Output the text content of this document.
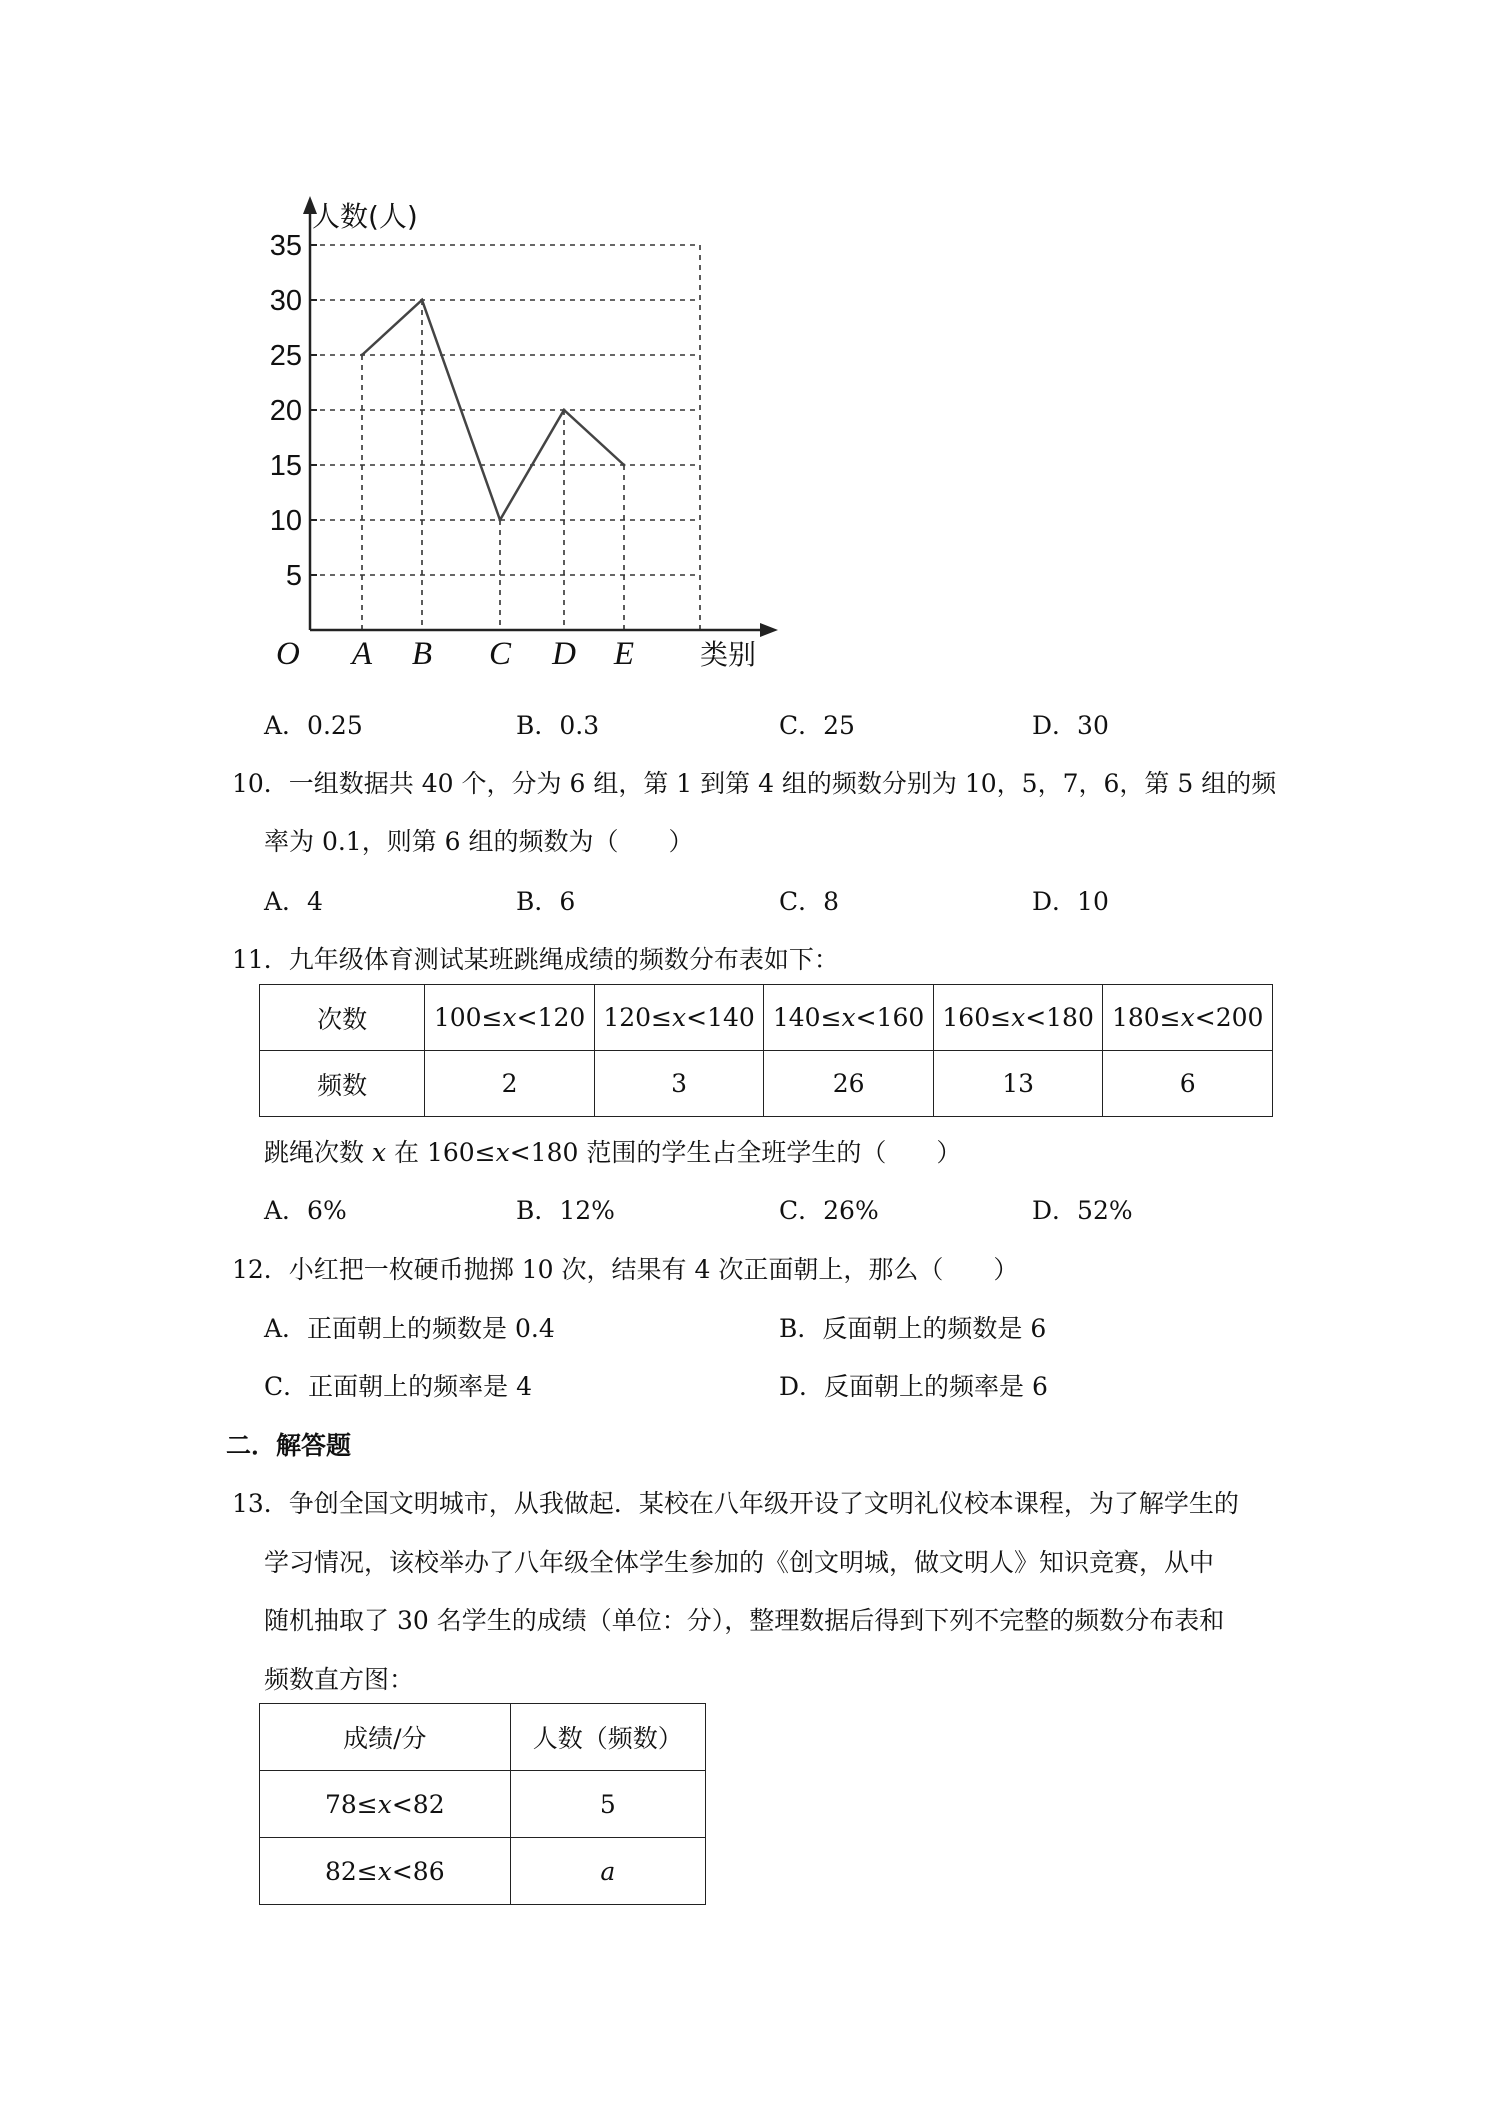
5
10
15
20
25
30
35
A B C D E
人数(人)
类别
O
A．0.25	B．0.3	C．25	D．30
10．一组数据共 40 个，分为 6 组，第 1 到第 4 组的频数分别为 10，5，7，6，第 5 组的频
率为 0.1，则第 6 组的频数为（　　）
A．4	B．6	C．8	D．10
11．九年级体育测试某班跳绳成绩的频数分布表如下：
次数	100≤x<120	120≤x<140	140≤x<160	160≤x<180	180≤x<200
频数	2	3	26	13	6
跳绳次数 x 在 160≤x<180 范围的学生占全班学生的（　　）
A．6%	B．12%	C．26%	D．52%
12．小红把一枚硬币抛掷 10 次，结果有 4 次正面朝上，那么（　　）
A．正面朝上的频数是 0.4	B．反面朝上的频数是 6
C．正面朝上的频率是 4	D．反面朝上的频率是 6
二．解答题
13．争创全国文明城市，从我做起．某校在八年级开设了文明礼仪校本课程，为了解学生的
学习情况，该校举办了八年级全体学生参加的《创文明城，做文明人》知识竞赛，从中
随机抽取了 30 名学生的成绩（单位：分），整理数据后得到下列不完整的频数分布表和
频数直方图：
成绩/分	人数（频数）
78≤x<82	5
82≤x<86	a
